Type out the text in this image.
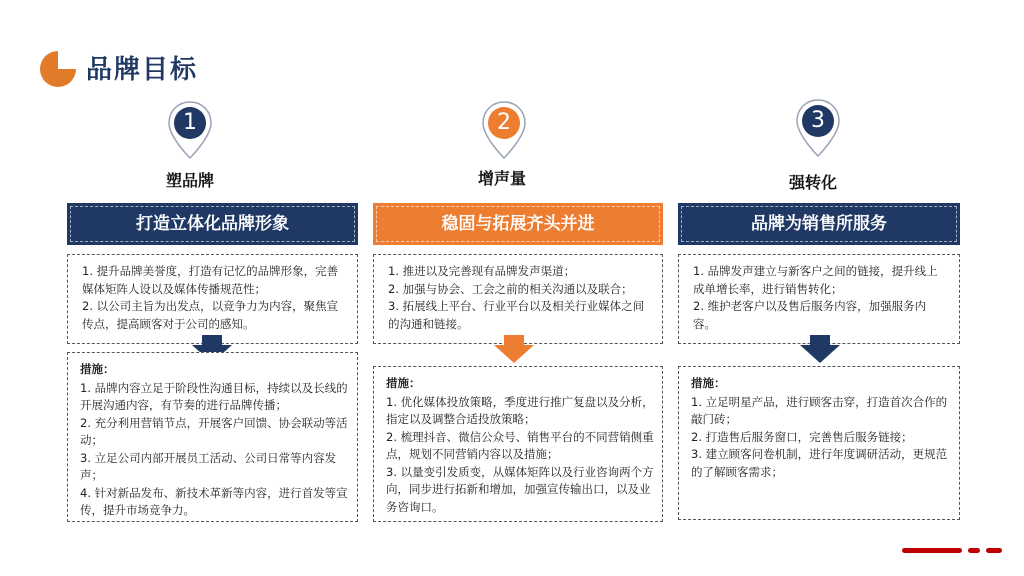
品牌目标
1
塑品牌
打造立体化品牌形象

1. 提升品牌美誉度，打造有记忆的品牌形象，完善媒体矩阵人设以及媒体传播规范性；

2. 以公司主旨为出发点，以竞争力为内容，聚焦宣传点，提高顾客对于公司的感知。

措施：

1. 品牌内容立足于阶段性沟通目标，持续以及长线的开展沟通内容，有节奏的进行品牌传播；

2. 充分利用营销节点，开展客户回馈、协会联动等活动；

3. 立足公司内部开展员工活动、公司日常等内容发声；

4. 针对新品发布、新技术革新等内容，进行首发等宣传，提升市场竞争力。

2
增声量
稳固与拓展齐头并进

1. 推进以及完善现有品牌发声渠道；

2. 加强与协会、工会之前的相关沟通以及联合；

3. 拓展线上平台、行业平台以及相关行业媒体之间的沟通和链接。

措施：

1. 优化媒体投放策略，季度进行推广复盘以及分析，指定以及调整合适投放策略；

2. 梳理抖音、微信公众号、销售平台的不同营销侧重点，规划不同营销内容以及措施；

3. 以量变引发质变，从媒体矩阵以及行业咨询两个方向，同步进行拓新和增加，加强宣传输出口，以及业务咨询口。

3
强转化
品牌为销售所服务

1. 品牌发声建立与新客户之间的链接，提升线上成单增长率，进行销售转化；

2. 维护老客户以及售后服务内容，加强服务内容。

措施：

1. 立足明星产品，进行顾客击穿，打造首次合作的敲门砖；

2. 打造售后服务窗口，完善售后服务链接；

3. 建立顾客问卷机制，进行年度调研活动，更规范的了解顾客需求；
